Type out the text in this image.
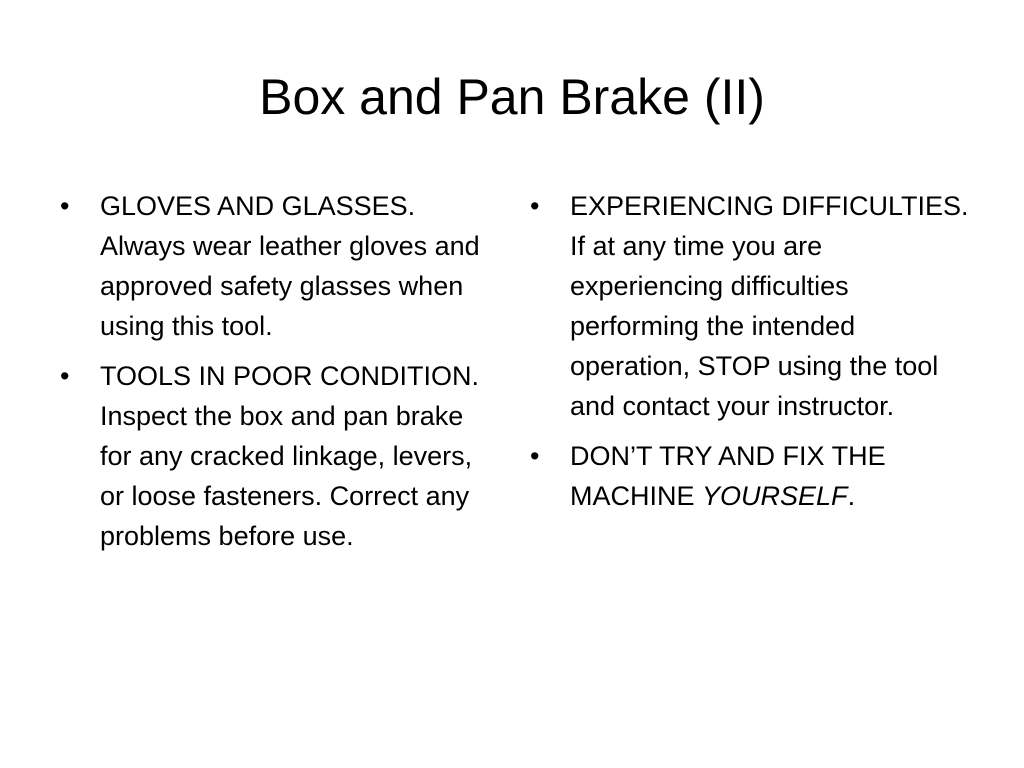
Box and Pan Brake (II)
•	GLOVES AND GLASSES. Always wear leather gloves and approved safety glasses when using this tool.
•	TOOLS IN POOR CONDITION. Inspect the box and pan brake for any cracked linkage, levers, or loose fasteners. Correct any problems before use.
•	EXPERIENCING DIFFICULTIES. If at any time you are experiencing difficulties performing the intended operation, STOP using the tool and contact your instructor.
•	DON’T TRY AND FIX THE MACHINE YOURSELF.
